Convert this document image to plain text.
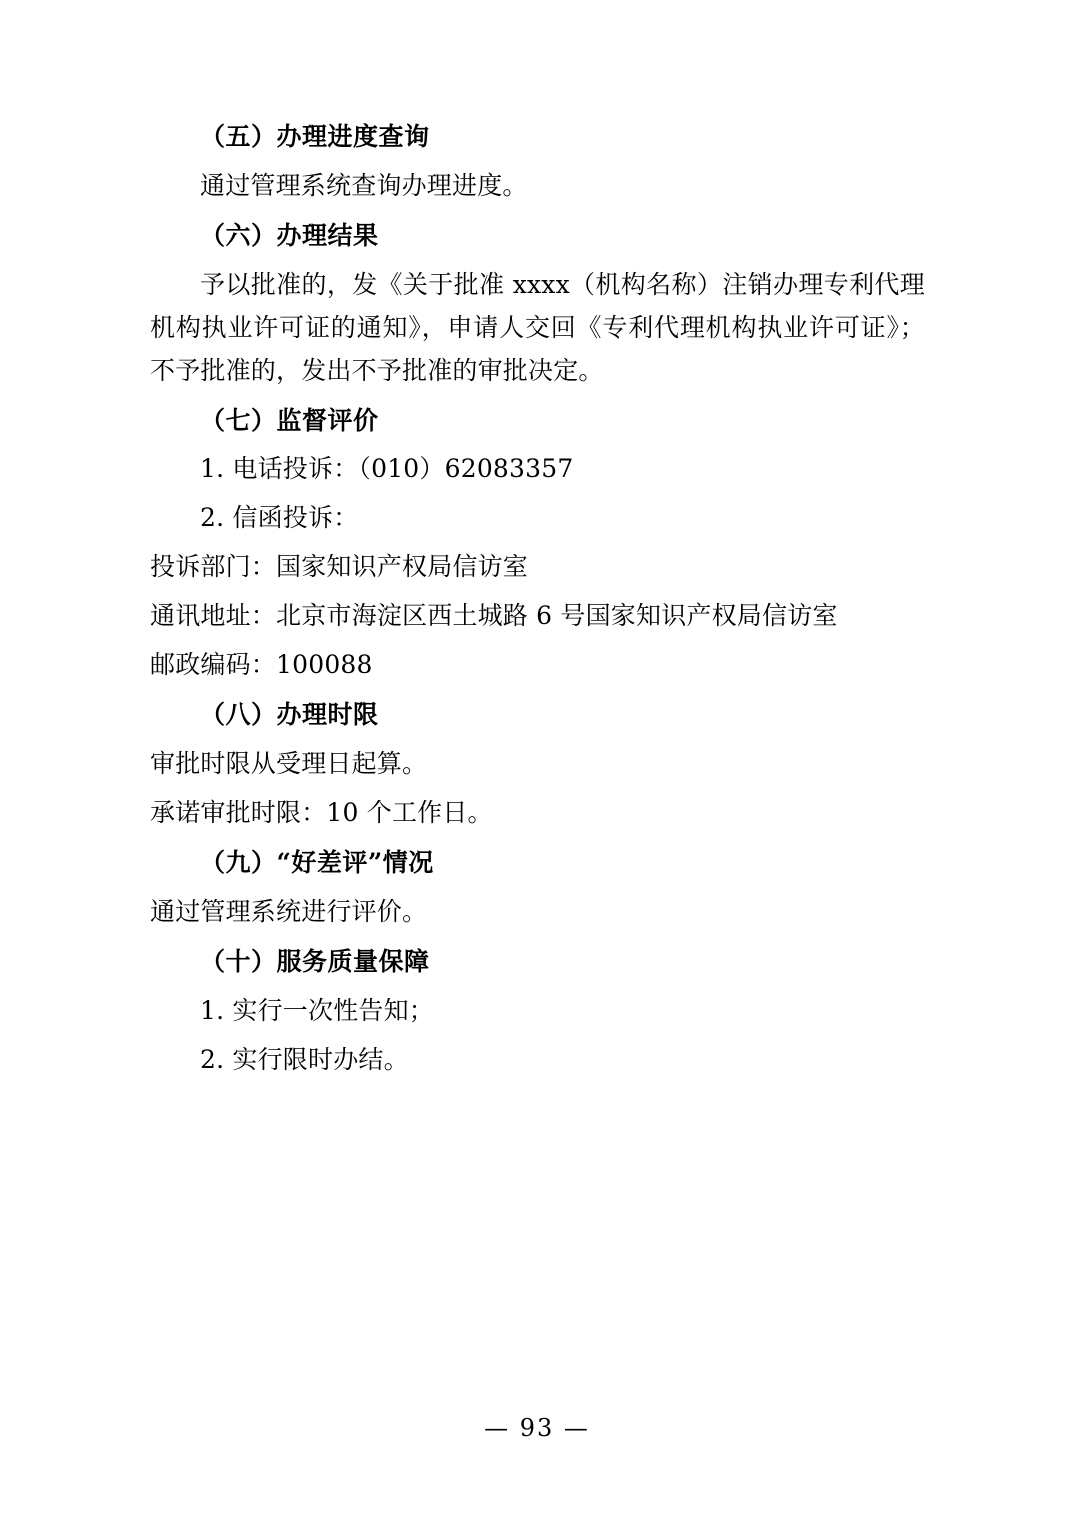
（五）办理进度查询

通过管理系统查询办理进度。

（六）办理结果

予以批准的，发《关于批准 xxxx（机构名称）注销办理专利代理机构执业许可证的通知》，申请人交回《专利代理机构执业许可证》；不予批准的，发出不予批准的审批决定。

（七）监督评价

1. 电话投诉：（010）62083357

2. 信函投诉：

投诉部门：国家知识产权局信访室

通讯地址：北京市海淀区西土城路 6 号国家知识产权局信访室

邮政编码：100088

（八）办理时限

审批时限从受理日起算。

承诺审批时限：10 个工作日。

（九）“好差评”情况

通过管理系统进行评价。

（十）服务质量保障

1. 实行一次性告知；

2. 实行限时办结。

— 93 —
